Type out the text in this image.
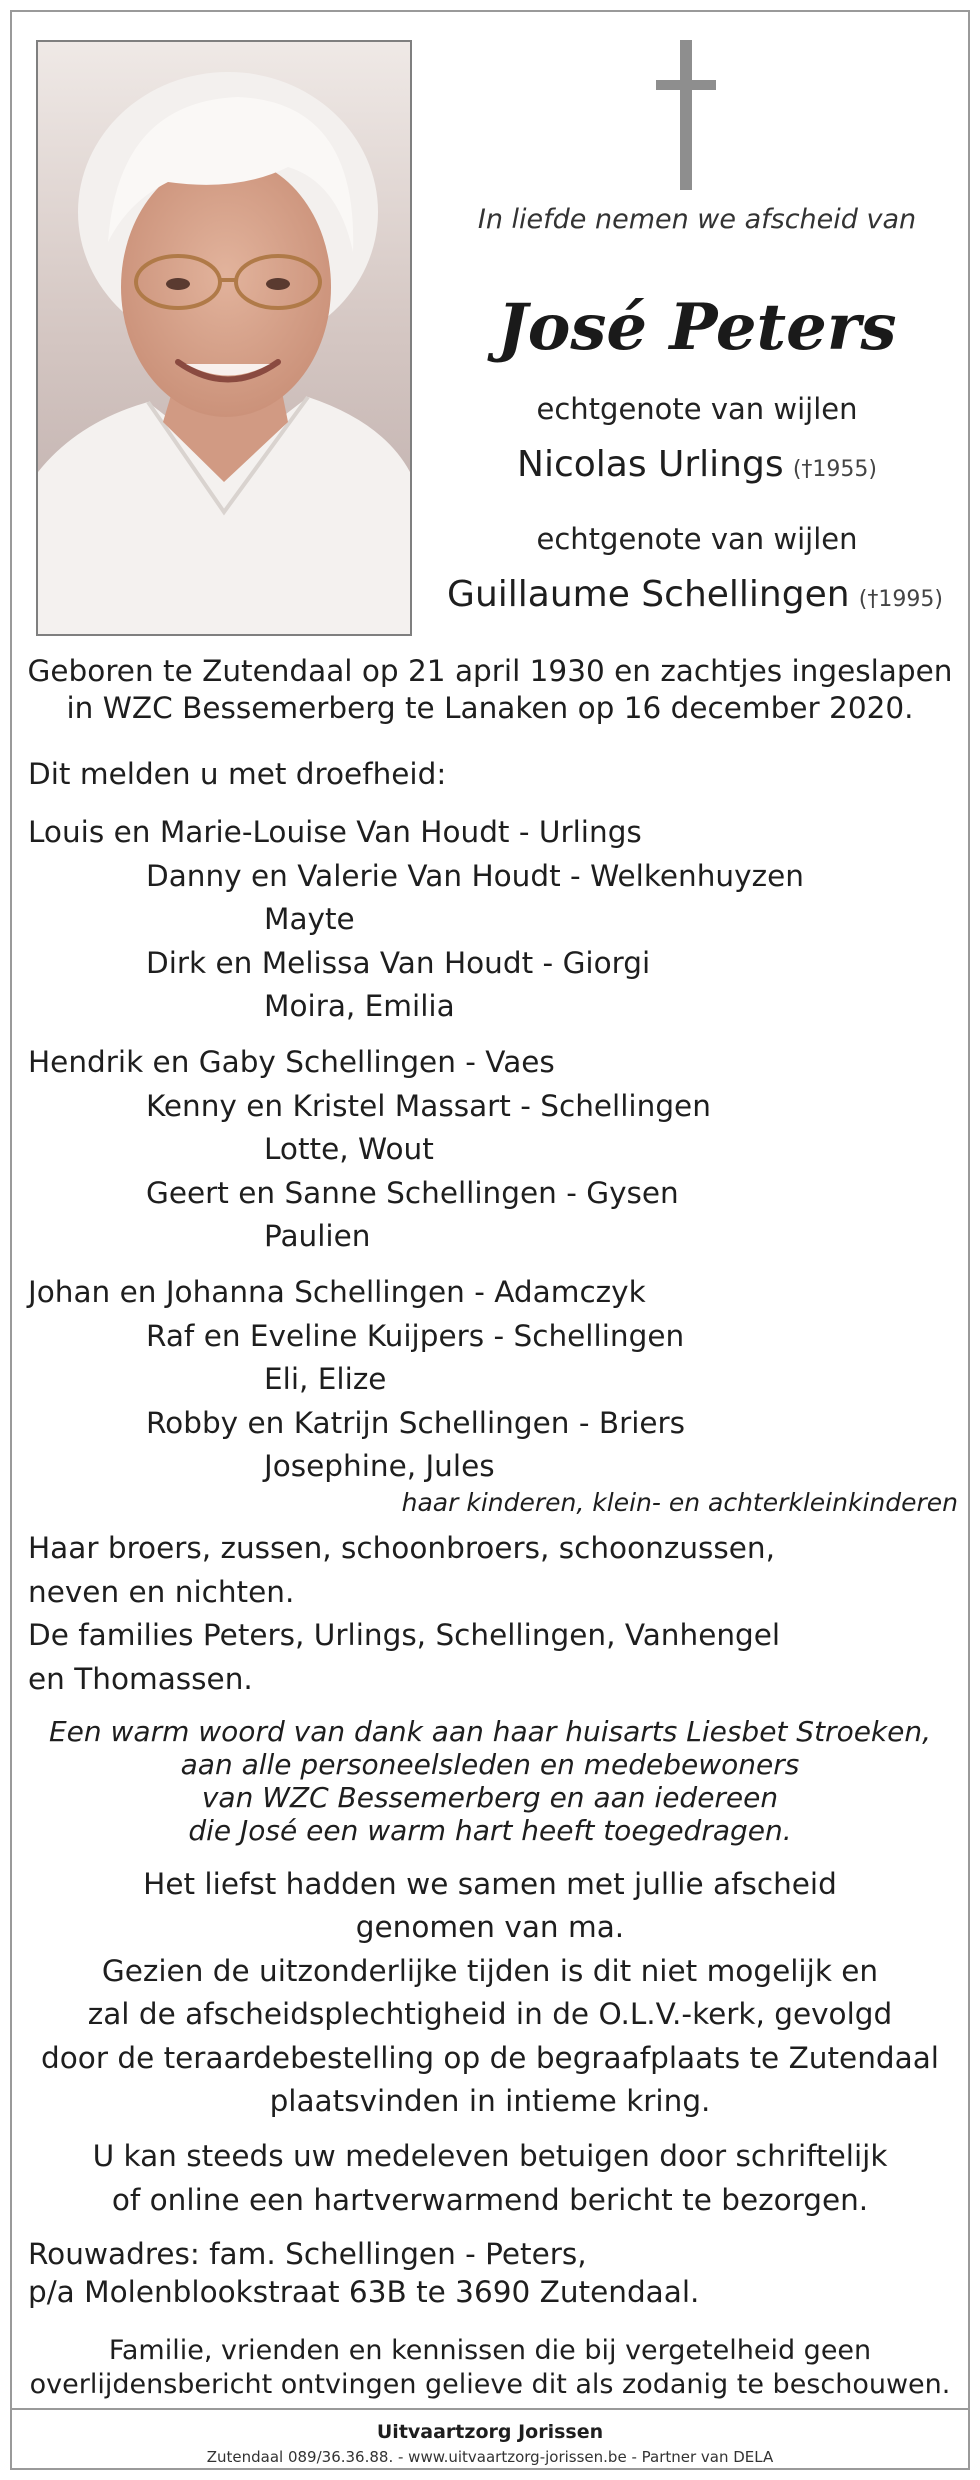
In liefde nemen we afscheid van
José Peters
echtgenote van wijlen
Nicolas Urlings (†1955)
echtgenote van wijlen
Guillaume Schellingen (†1995)
Geboren te Zutendaal op 21 april 1930 en zachtjes ingeslapen
in WZC Bessemerberg te Lanaken op 16 december 2020.
Dit melden u met droefheid:
Louis en Marie-Louise Van Houdt - Urlings
Danny en Valerie Van Houdt - Welkenhuyzen
Mayte
Dirk en Melissa Van Houdt - Giorgi
Moira, Emilia
Hendrik en Gaby Schellingen - Vaes
Kenny en Kristel Massart - Schellingen
Lotte, Wout
Geert en Sanne Schellingen - Gysen
Paulien
Johan en Johanna Schellingen - Adamczyk
Raf en Eveline Kuijpers - Schellingen
Eli, Elize
Robby en Katrijn Schellingen - Briers
Josephine, Jules
haar kinderen, klein- en achterkleinkinderen
Haar broers, zussen, schoonbroers, schoonzussen,
neven en nichten.
De families Peters, Urlings, Schellingen, Vanhengel
en Thomassen.
Een warm woord van dank aan haar huisarts Liesbet Stroeken,
aan alle personeelsleden en medebewoners
van WZC Bessemerberg en aan iedereen
die José een warm hart heeft toegedragen.
Het liefst hadden we samen met jullie afscheid
genomen van ma.
Gezien de uitzonderlijke tijden is dit niet mogelijk en
zal de afscheidsplechtigheid in de O.L.V.-kerk, gevolgd
door de teraardebestelling op de begraafplaats te Zutendaal
plaatsvinden in intieme kring.
U kan steeds uw medeleven betuigen door schriftelijk
of online een hartverwarmend bericht te bezorgen.
Rouwadres: fam. Schellingen - Peters,
p/a Molenblookstraat 63B te 3690 Zutendaal.
Familie, vrienden en kennissen die bij vergetelheid geen
overlijdensbericht ontvingen gelieve dit als zodanig te beschouwen.
Uitvaartzorg Jorissen
Zutendaal 089/36.36.88. - www.uitvaartzorg-jorissen.be - Partner van DELA
